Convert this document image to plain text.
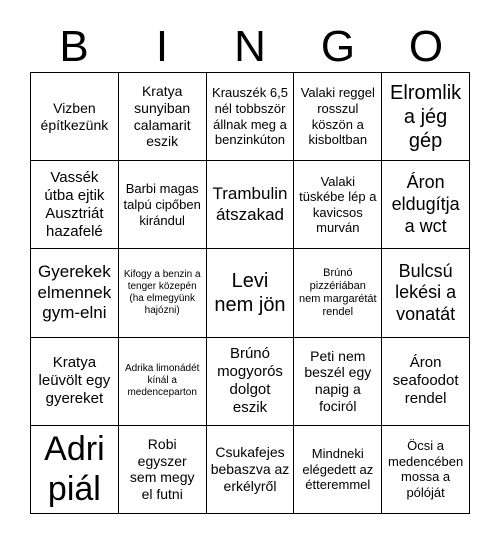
B	I	N	G	O
Vizben építkezünk
Kratya sunyiban calamarit eszik
Krauszék 6,5 nél tobbször állnak meg a benzinkúton
Valaki reggel rosszul köszön a kisboltban
Elromlik a jég gép
Vassék útba ejtik Ausztriát hazafelé
Barbi magas talpú cipőben kirándul
Trambulin átszakad
Valaki tüskébe lép a kavicsos murván
Áron eldugítja a wct
Gyerekek elmennek gym-elni
Kifogy a benzin a tenger közepén (ha elmegyünk hajózni)
Levi nem jön
Brúnó pizzériában nem margarétát rendel
Bulcsú lekési a vonatát
Kratya leüvölt egy gyereket
Adrika limonádét kínál a medenceparton
Brúnó mogyorós dolgot eszik
Peti nem beszél egy napig a fociról
Áron seafoodot rendel
Adri piál
Robi egyszer sem megy el futni
Csukafejes bebaszva az erkélyről
Mindneki elégedett az étteremmel
Öcsi a medencében mossa a pólóját
